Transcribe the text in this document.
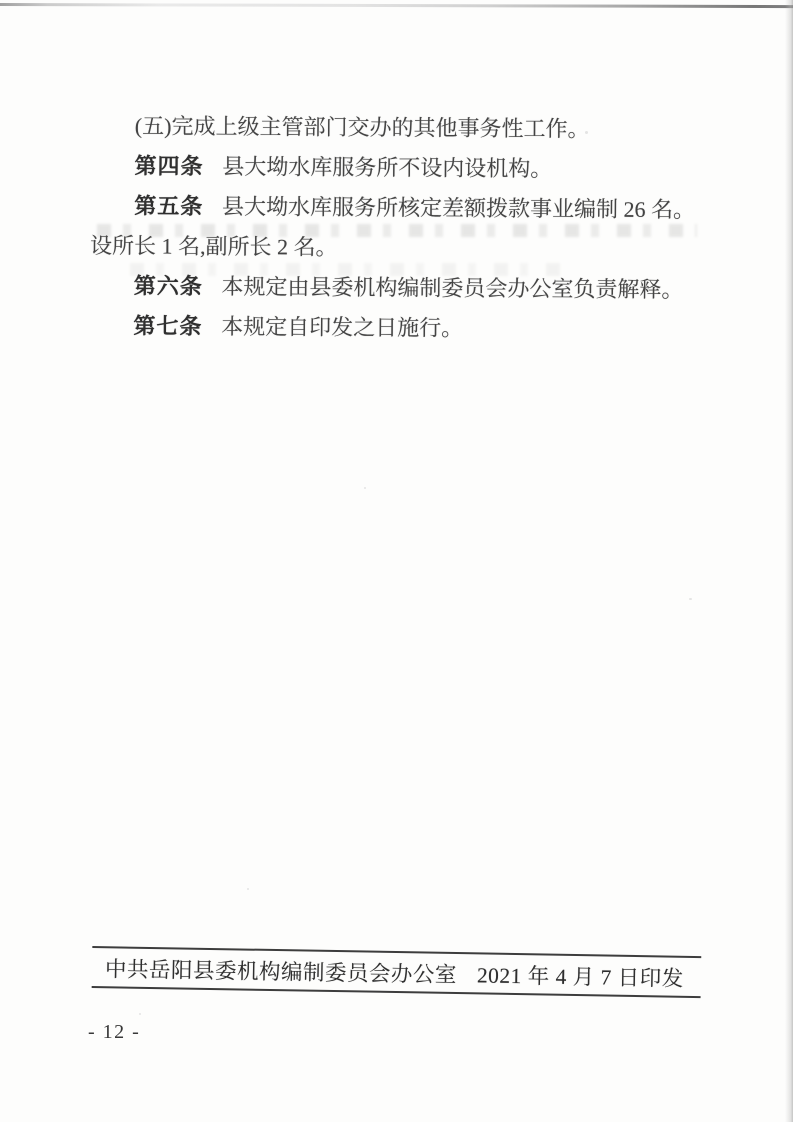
(五)完成上级主管部门交办的其他事务性工作。

第四条 县大坳水库服务所不设内设机构。

第五条 县大坳水库服务所核定差额拨款事业编制 26 名。
设所长 1 名,副所长 2 名。

第六条 本规定由县委机构编制委员会办公室负责解释。

第七条 本规定自印发之日施行。

中共岳阳县委机构编制委员会办公室 2021 年 4 月 7 日印发
- 12 -
